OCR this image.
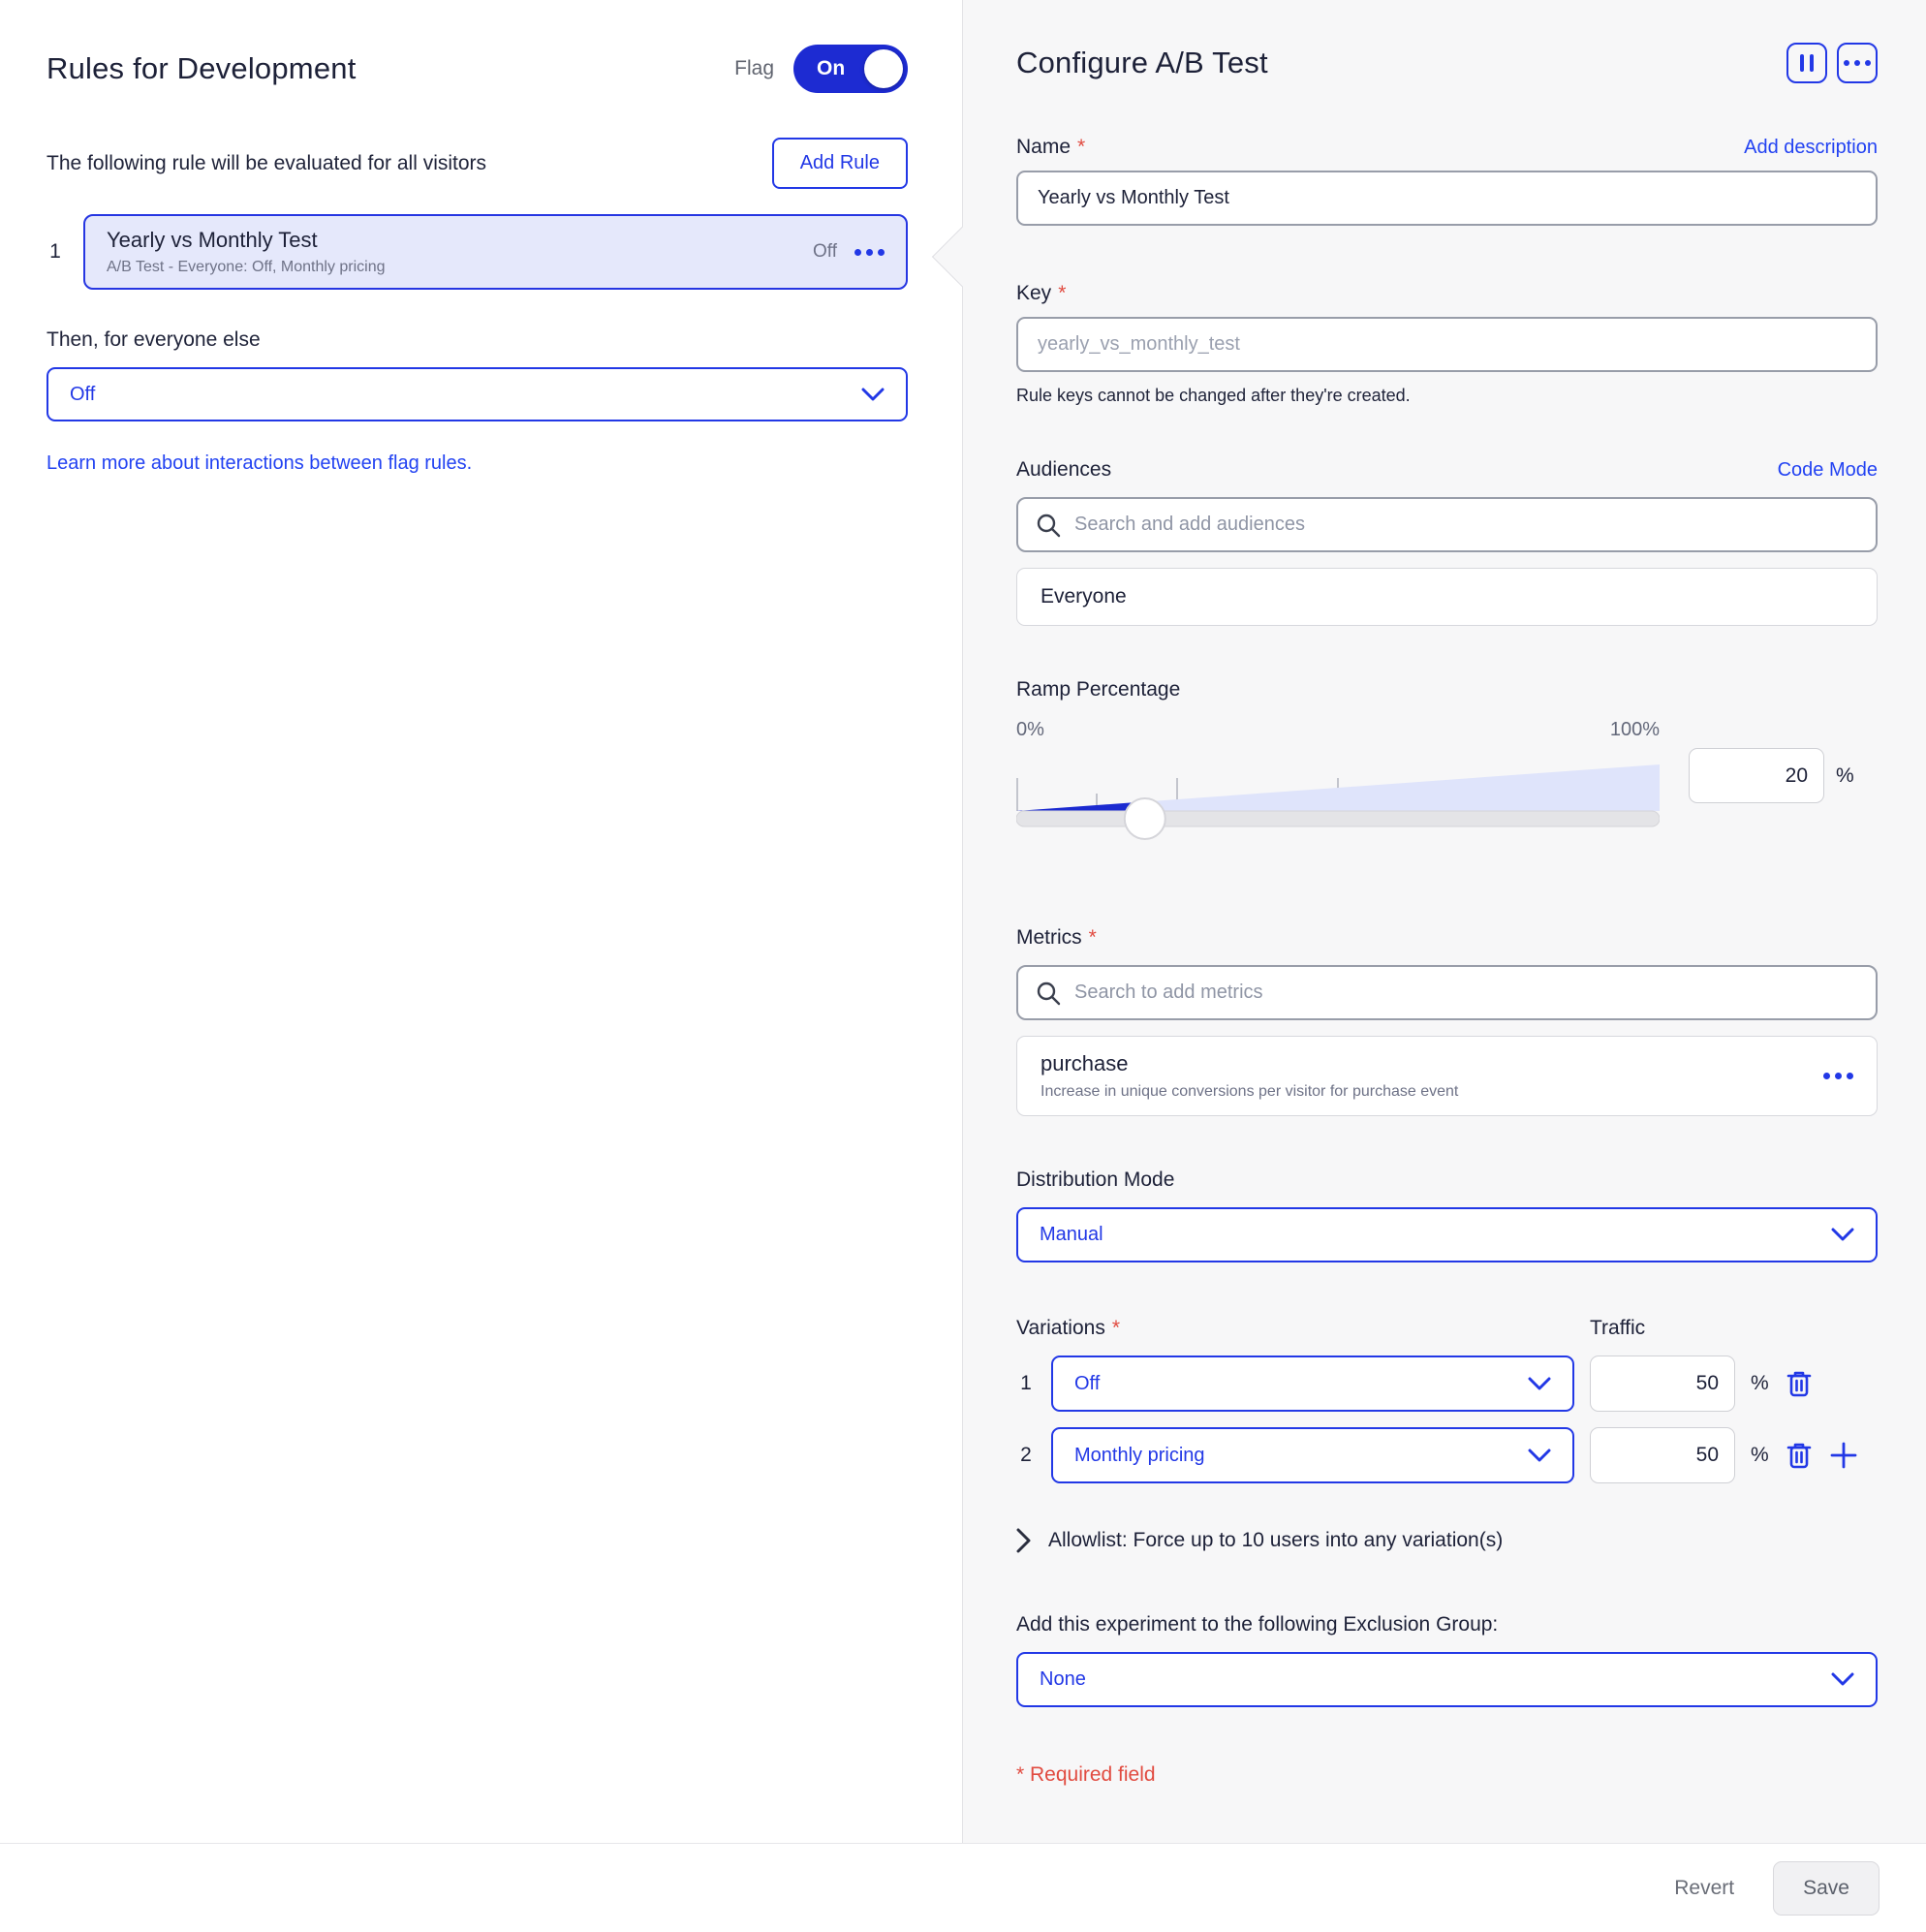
Rules for Development	Flag On
The following rule will be evaluated for all visitors	Add Rule
1 Yearly vs Monthly Test
A/B Test - Everyone: Off, Monthly pricing
Off
Then, for everyone else
Off
Learn more about interactions between flag rules.
Configure A/B Test
Name *	Add description
Yearly vs Monthly Test
Key *
yearly_vs_monthly_test
Rule keys cannot be changed after they're created.
Audiences	Code Mode
Search and add audiences
Everyone
Ramp Percentage
0%	100%
20
%
Metrics *
Search to add metrics
purchase
Increase in unique conversions per visitor for purchase event
Distribution Mode
Manual
Variations *	Traffic
1 Off
50	%
2 Monthly pricing
50	%
Allowlist: Force up to 10 users into any variation(s)
Add this experiment to the following Exclusion Group:
None
* Required field
Revert	Save
